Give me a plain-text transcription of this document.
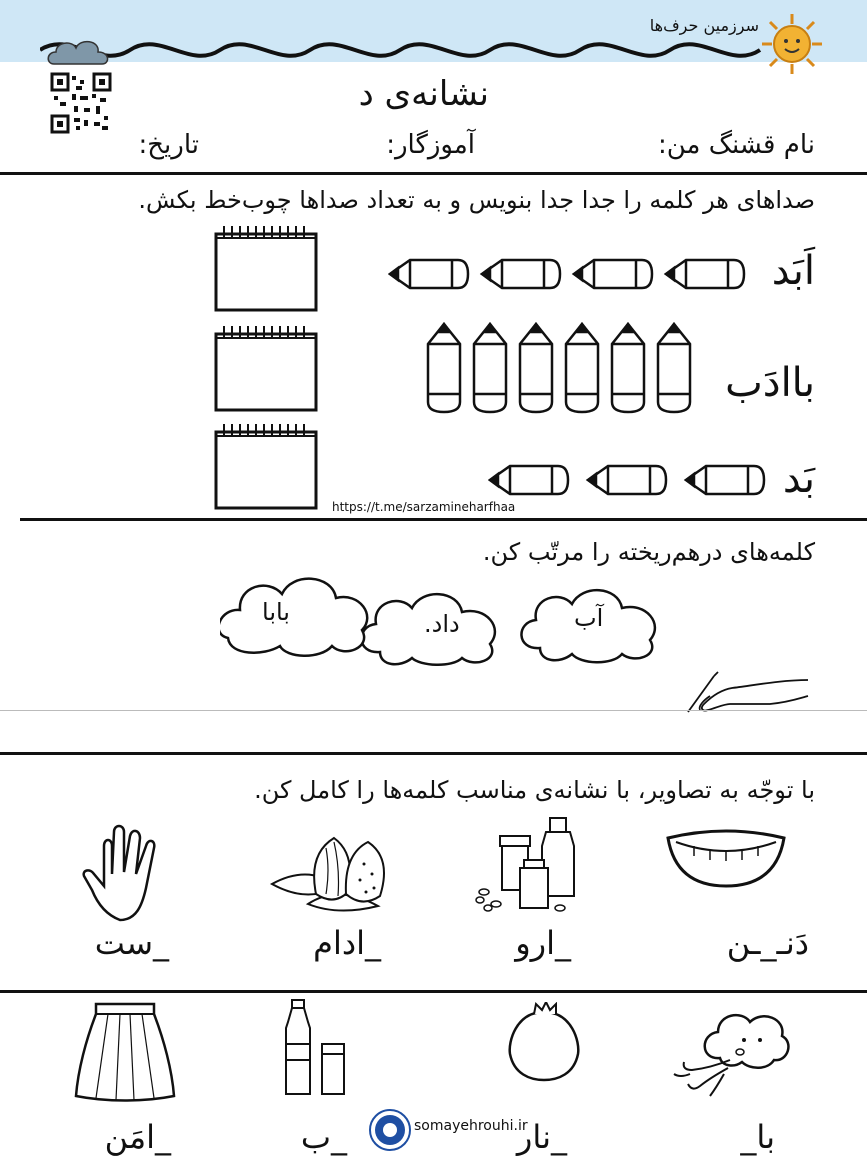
سرزمین حرف‌ها
نشانه‌ی د
نام قشنگ من:
آموزگار:
تاریخ:
صداهای هر کلمه را جدا جدا بنویس و به تعداد صداها چوب‌خط بکش.
اَبَد
باادَب
بَد
https://t.me/sarzamineharfhaa
کلمه‌های درهم‌ریخته را مرتّب کن.
آب
داد.
بابا
با توجّه به تصاویر، با نشانه‌ی مناسب کلمه‌ها را کامل کن.
دَنـ_ـن
_ارو
_ادام
_ست
somayehrouhi.ir	با_
_نار
_ب
_امَن
